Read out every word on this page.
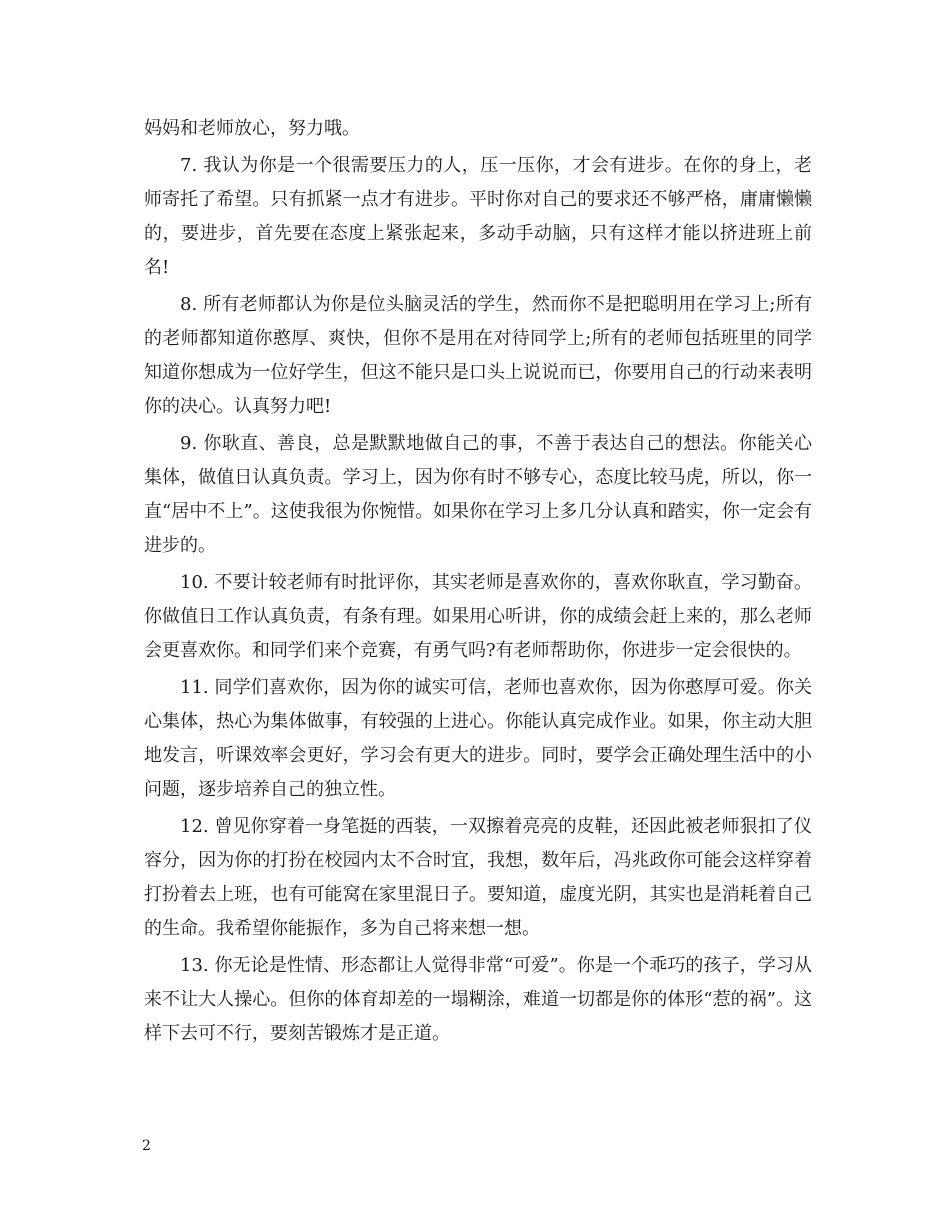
妈妈和老师放心，努力哦。

7. 我认为你是一个很需要压力的人，压一压你，才会有进步。在你的身上，老师寄托了希望。只有抓紧一点才有进步。平时你对自己的要求还不够严格，庸庸懒懒的，要进步，首先要在态度上紧张起来，多动手动脑，只有这样才能以挤进班上前名!

8. 所有老师都认为你是位头脑灵活的学生，然而你不是把聪明用在学习上;所有的老师都知道你憨厚、爽快，但你不是用在对待同学上;所有的老师包括班里的同学知道你想成为一位好学生，但这不能只是口头上说说而已，你要用自己的行动来表明你的决心。认真努力吧!

9. 你耿直、善良，总是默默地做自己的事，不善于表达自己的想法。你能关心集体，做值日认真负责。学习上，因为你有时不够专心，态度比较马虎，所以，你一直“居中不上”。这使我很为你惋惜。如果你在学习上多几分认真和踏实，你一定会有进步的。

10. 不要计较老师有时批评你，其实老师是喜欢你的，喜欢你耿直，学习勤奋。你做值日工作认真负责，有条有理。如果用心听讲，你的成绩会赶上来的，那么老师会更喜欢你。和同学们来个竞赛，有勇气吗?有老师帮助你，你进步一定会很快的。

11. 同学们喜欢你，因为你的诚实可信，老师也喜欢你，因为你憨厚可爱。你关心集体，热心为集体做事，有较强的上进心。你能认真完成作业。如果，你主动大胆地发言，听课效率会更好，学习会有更大的进步。同时，要学会正确处理生活中的小问题，逐步培养自己的独立性。

12. 曾见你穿着一身笔挺的西装，一双擦着亮亮的皮鞋，还因此被老师狠扣了仪容分，因为你的打扮在校园内太不合时宜，我想，数年后，冯兆政你可能会这样穿着打扮着去上班，也有可能窝在家里混日子。要知道，虚度光阴，其实也是消耗着自己的生命。我希望你能振作，多为自己将来想一想。

13. 你无论是性情、形态都让人觉得非常“可爱”。你是一个乖巧的孩子，学习从来不让大人操心。但你的体育却差的一塌糊涂，难道一切都是你的体形“惹的祸”。这样下去可不行，要刻苦锻炼才是正道。

2
